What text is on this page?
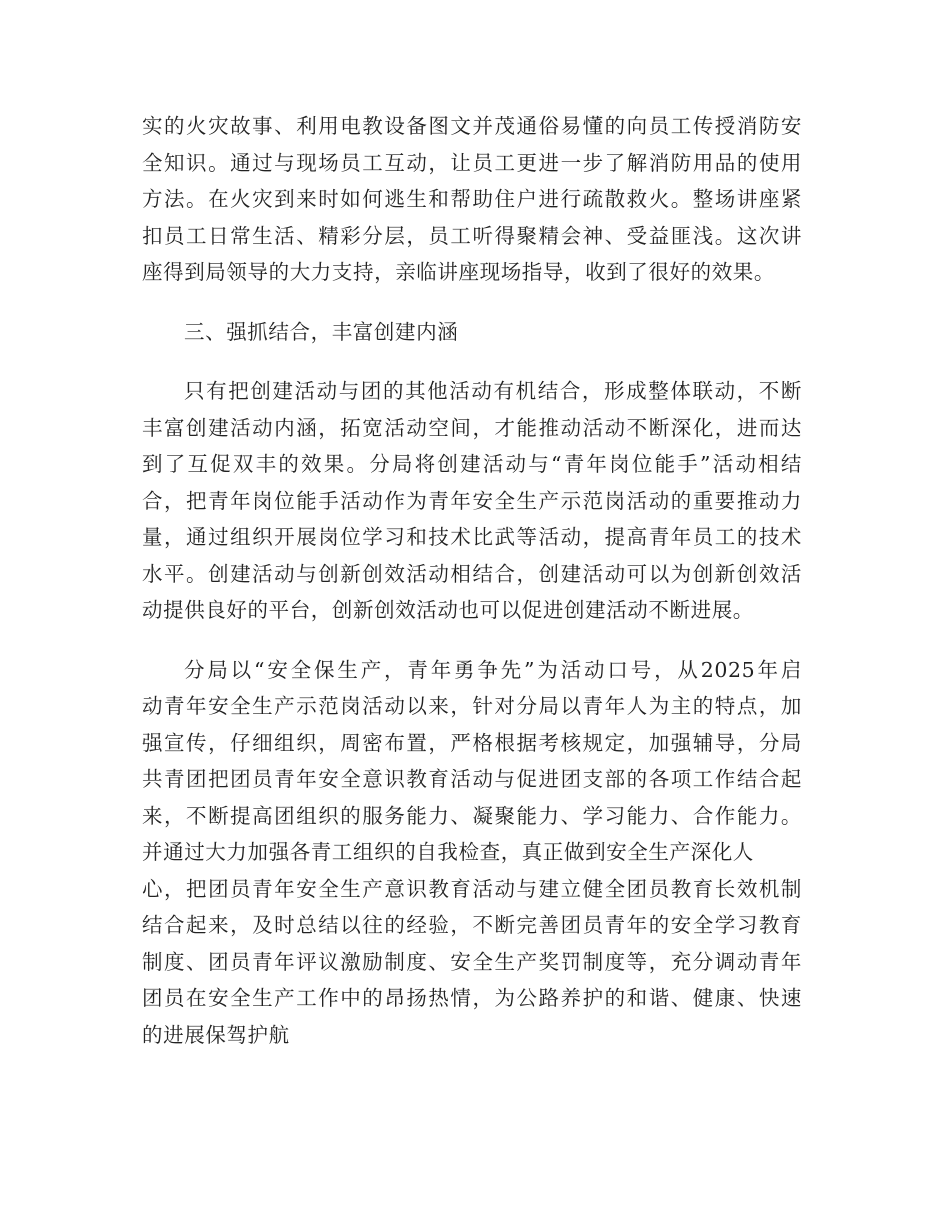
实的火灾故事、利用电教设备图文并茂通俗易懂的向员工传授消防安
全知识。通过与现场员工互动，让员工更进一步了解消防用品的使用
方法。在火灾到来时如何逃生和帮助住户进行疏散救火。整场讲座紧
扣员工日常生活、精彩分层，员工听得聚精会神、受益匪浅。这次讲
座得到局领导的大力支持，亲临讲座现场指导，收到了很好的效果。
三、强抓结合，丰富创建内涵
只有把创建活动与团的其他活动有机结合，形成整体联动，不断
丰富创建活动内涵，拓宽活动空间，才能推动活动不断深化，进而达
到了互促双丰的效果。分局将创建活动与“青年岗位能手”活动相结
合，把青年岗位能手活动作为青年安全生产示范岗活动的重要推动力
量，通过组织开展岗位学习和技术比武等活动，提高青年员工的技术
水平。创建活动与创新创效活动相结合，创建活动可以为创新创效活
动提供良好的平台，创新创效活动也可以促进创建活动不断进展。
分局以“安全保生产，青年勇争先”为活动口号，从2025年启
动青年安全生产示范岗活动以来，针对分局以青年人为主的特点，加
强宣传，仔细组织，周密布置，严格根据考核规定，加强辅导，分局
共青团把团员青年安全意识教育活动与促进团支部的各项工作结合起
来，不断提高团组织的服务能力、凝聚能力、学习能力、合作能力。
并通过大力加强各青工组织的自我检查，真正做到安全生产深化人
心，把团员青年安全生产意识教育活动与建立健全团员教育长效机制
结合起来，及时总结以往的经验，不断完善团员青年的安全学习教育
制度、团员青年评议激励制度、安全生产奖罚制度等，充分调动青年
团员在安全生产工作中的昂扬热情，为公路养护的和谐、健康、快速
的进展保驾护航
